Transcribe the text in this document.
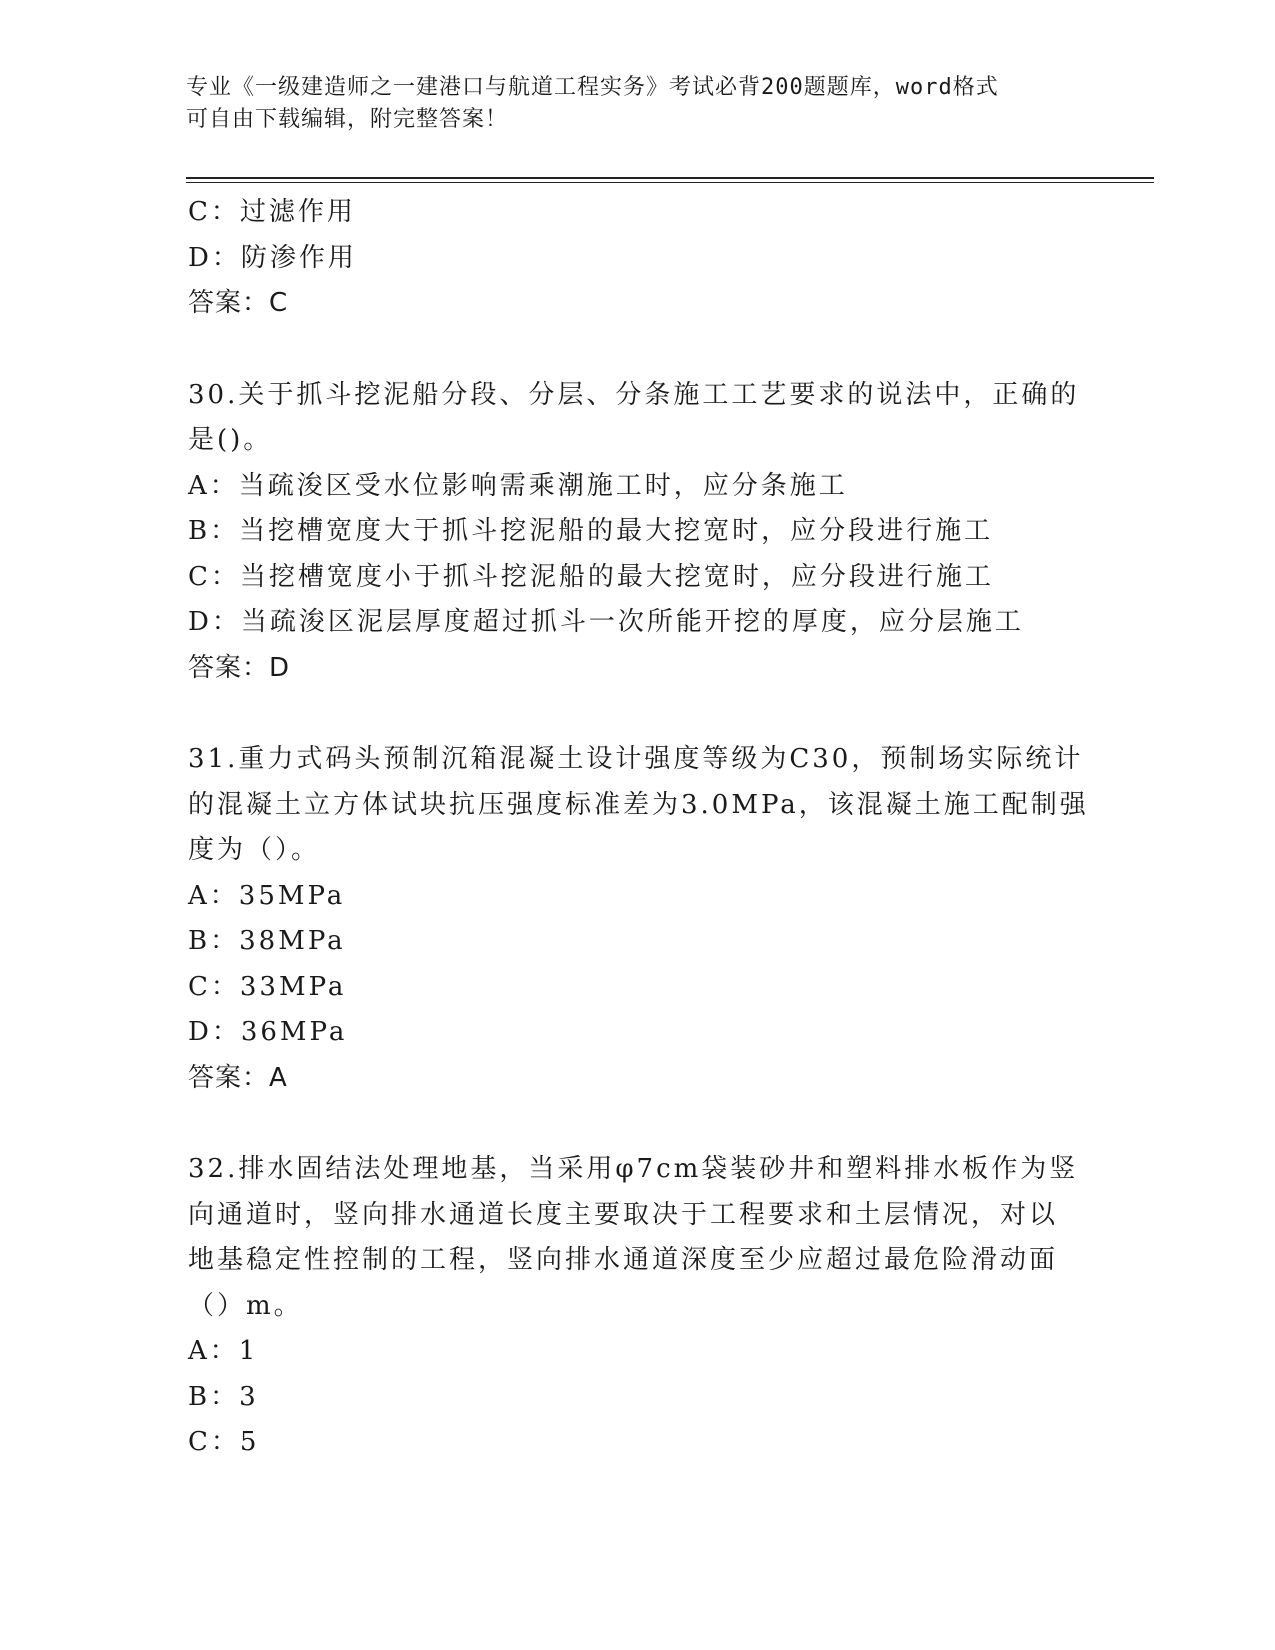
专业《一级建造师之一建港口与航道工程实务》考试必背200题题库，word格式
可自由下载编辑，附完整答案！
C：过滤作用
D：防渗作用
答案：C
30.关于抓斗挖泥船分段、分层、分条施工工艺要求的说法中，正确的
是()。
A：当疏浚区受水位影响需乘潮施工时，应分条施工
B：当挖槽宽度大于抓斗挖泥船的最大挖宽时，应分段进行施工
C：当挖槽宽度小于抓斗挖泥船的最大挖宽时，应分段进行施工
D：当疏浚区泥层厚度超过抓斗一次所能开挖的厚度，应分层施工
答案：D
31.重力式码头预制沉箱混凝土设计强度等级为C30，预制场实际统计
的混凝土立方体试块抗压强度标准差为3.0MPa，该混凝土施工配制强
度为（）。
A：35MPa
B：38MPa
C：33MPa
D：36MPa
答案：A
32.排水固结法处理地基，当采用φ7cm袋装砂井和塑料排水板作为竖
向通道时，竖向排水通道长度主要取决于工程要求和土层情况，对以
地基稳定性控制的工程，竖向排水通道深度至少应超过最危险滑动面
（）m。
A：1
B：3
C：5
